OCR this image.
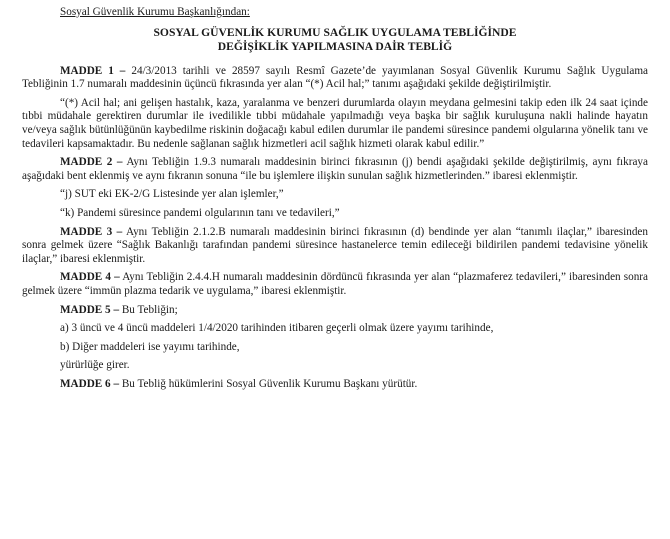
Sosyal Güvenlik Kurumu Başkanlığından:
SOSYAL GÜVENLİK KURUMU SAĞLIK UYGULAMA TEBLİĞİNDE
DEĞİŞİKLİK YAPILMASINA DAİR TEBLİĞ

MADDE 1 – 24/3/2013 tarihli ve 28597 sayılı Resmî Gazete’de yayımlanan Sosyal Güvenlik Kurumu Sağlık Uygulama Tebliğinin 1.7 numaralı maddesinin üçüncü fıkrasında yer alan “(*) Acil hal;” tanımı aşağıdaki şekilde değiştirilmiştir.

“(*) Acil hal; ani gelişen hastalık, kaza, yaralanma ve benzeri durumlarda olayın meydana gelmesini takip eden ilk 24 saat içinde tıbbi müdahale gerektiren durumlar ile ivedilikle tıbbi müdahale yapılmadığı veya başka bir sağlık kuruluşuna nakli halinde hayatın ve/veya sağlık bütünlüğünün kaybedilme riskinin doğacağı kabul edilen durumlar ile pandemi süresince pandemi olgularına yönelik tanı ve tedavileri kapsamaktadır. Bu nedenle sağlanan sağlık hizmetleri acil sağlık hizmeti olarak kabul edilir.”

MADDE 2 – Aynı Tebliğin 1.9.3 numaralı maddesinin birinci fıkrasının (j) bendi aşağıdaki şekilde değiştirilmiş, aynı fıkraya aşağıdaki bent eklenmiş ve aynı fıkranın sonuna “ile bu işlemlere ilişkin sunulan sağlık hizmetlerinden.” ibaresi eklenmiştir.

“j) SUT eki EK-2/G Listesinde yer alan işlemler,”

“k) Pandemi süresince pandemi olgularının tanı ve tedavileri,”

MADDE 3 – Aynı Tebliğin 2.1.2.B numaralı maddesinin birinci fıkrasının (d) bendinde yer alan “tanımlı ilaçlar,” ibaresinden sonra gelmek üzere “Sağlık Bakanlığı tarafından pandemi süresince hastanelerce temin edileceği bildirilen pandemi tedavisine yönelik ilaçlar,” ibaresi eklenmiştir.

MADDE 4 – Aynı Tebliğin 2.4.4.H numaralı maddesinin dördüncü fıkrasında yer alan “plazmaferez tedavileri,” ibaresinden sonra gelmek üzere “immün plazma tedarik ve uygulama,” ibaresi eklenmiştir.

MADDE 5 – Bu Tebliğin;

a) 3 üncü ve 4 üncü maddeleri 1/4/2020 tarihinden itibaren geçerli olmak üzere yayımı tarihinde,

b) Diğer maddeleri ise yayımı tarihinde,

yürürlüğe girer.

MADDE 6 – Bu Tebliğ hükümlerini Sosyal Güvenlik Kurumu Başkanı yürütür.
